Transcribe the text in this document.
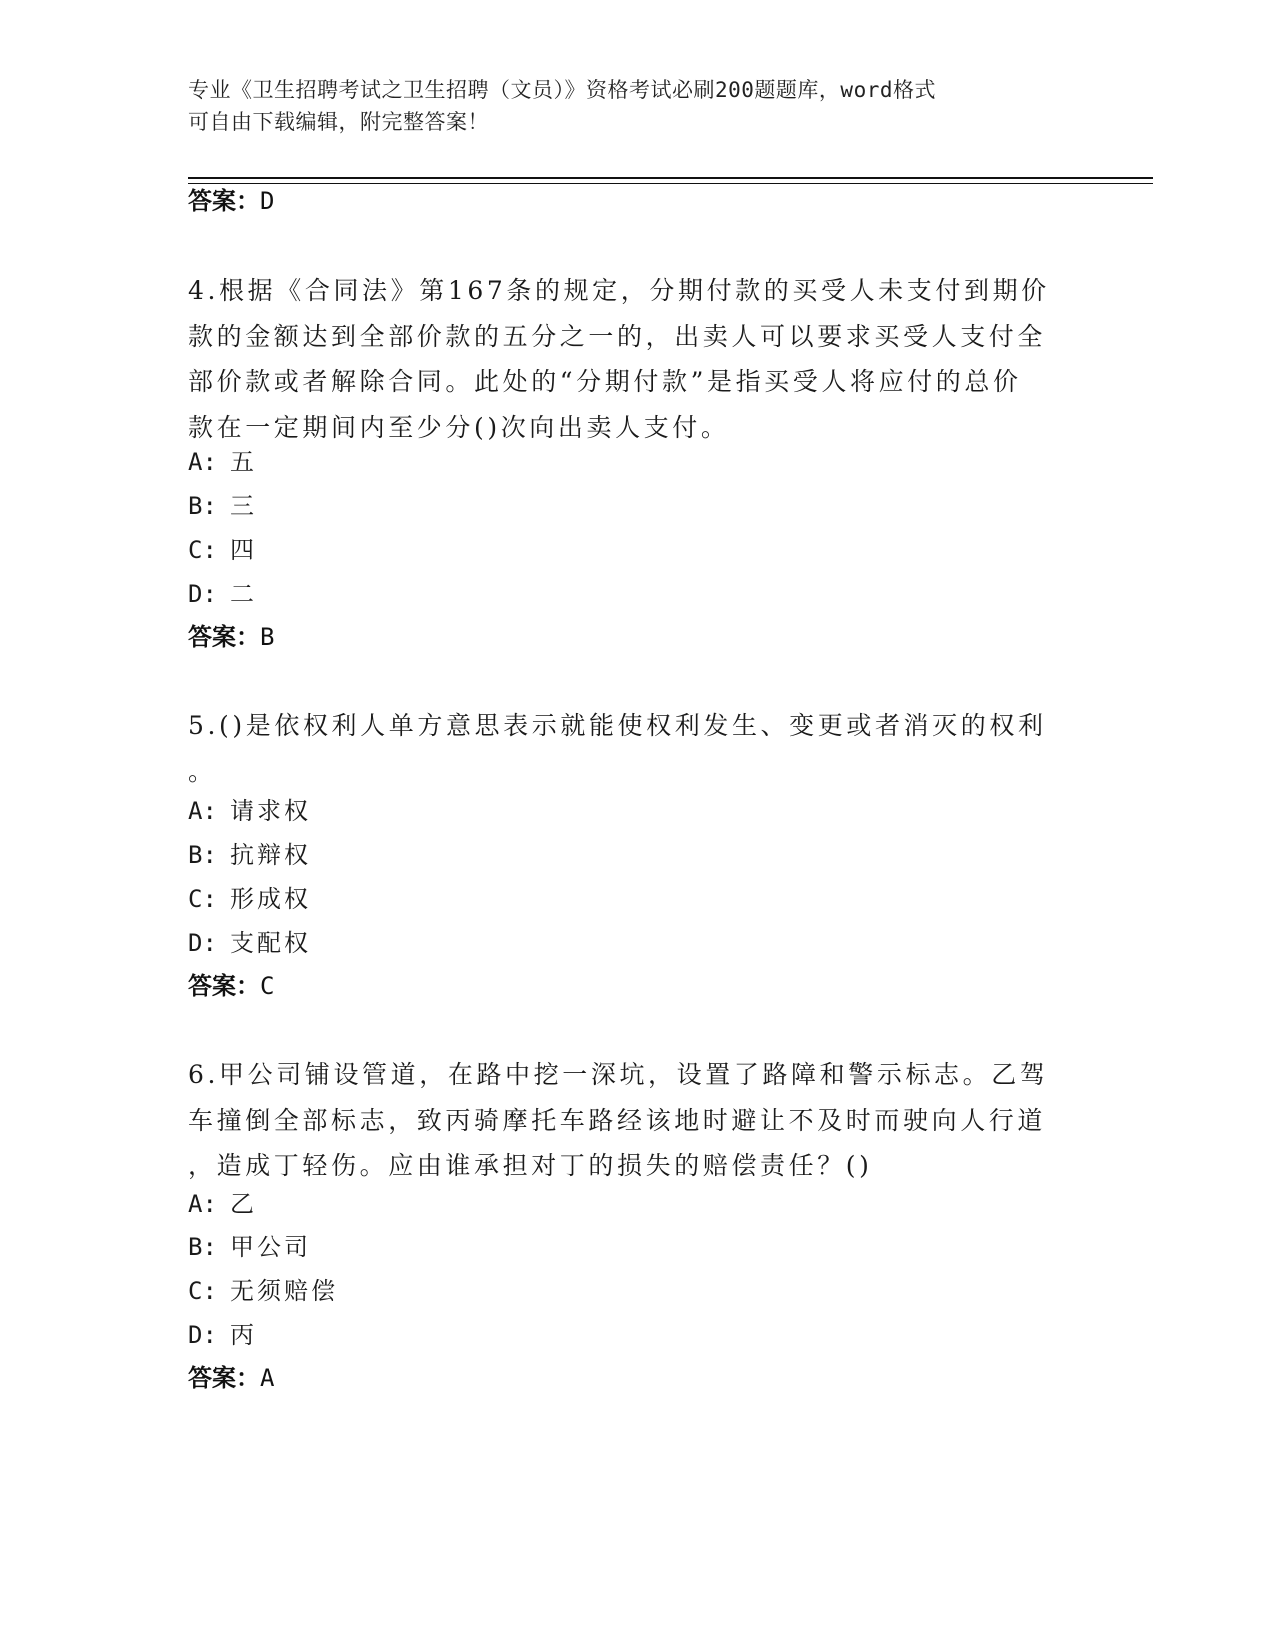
专业《卫生招聘考试之卫生招聘（文员）》资格考试必刷200题题库，word格式
可自由下载编辑，附完整答案！
答案：D
4.根据《合同法》第167条的规定，分期付款的买受人未支付到期价
款的金额达到全部价款的五分之一的，出卖人可以要求买受人支付全
部价款或者解除合同。此处的“分期付款”是指买受人将应付的总价
款在一定期间内至少分()次向出卖人支付。
A: 五
B: 三
C: 四
D: 二
答案：B
5.()是依权利人单方意思表示就能使权利发生、变更或者消灭的权利
。
A: 请求权
B: 抗辩权
C: 形成权
D: 支配权
答案：C
6.甲公司铺设管道，在路中挖一深坑，设置了路障和警示标志。乙驾
车撞倒全部标志，致丙骑摩托车路经该地时避让不及时而驶向人行道
，造成丁轻伤。应由谁承担对丁的损失的赔偿责任？()
A: 乙
B: 甲公司
C: 无须赔偿
D: 丙
答案：A
